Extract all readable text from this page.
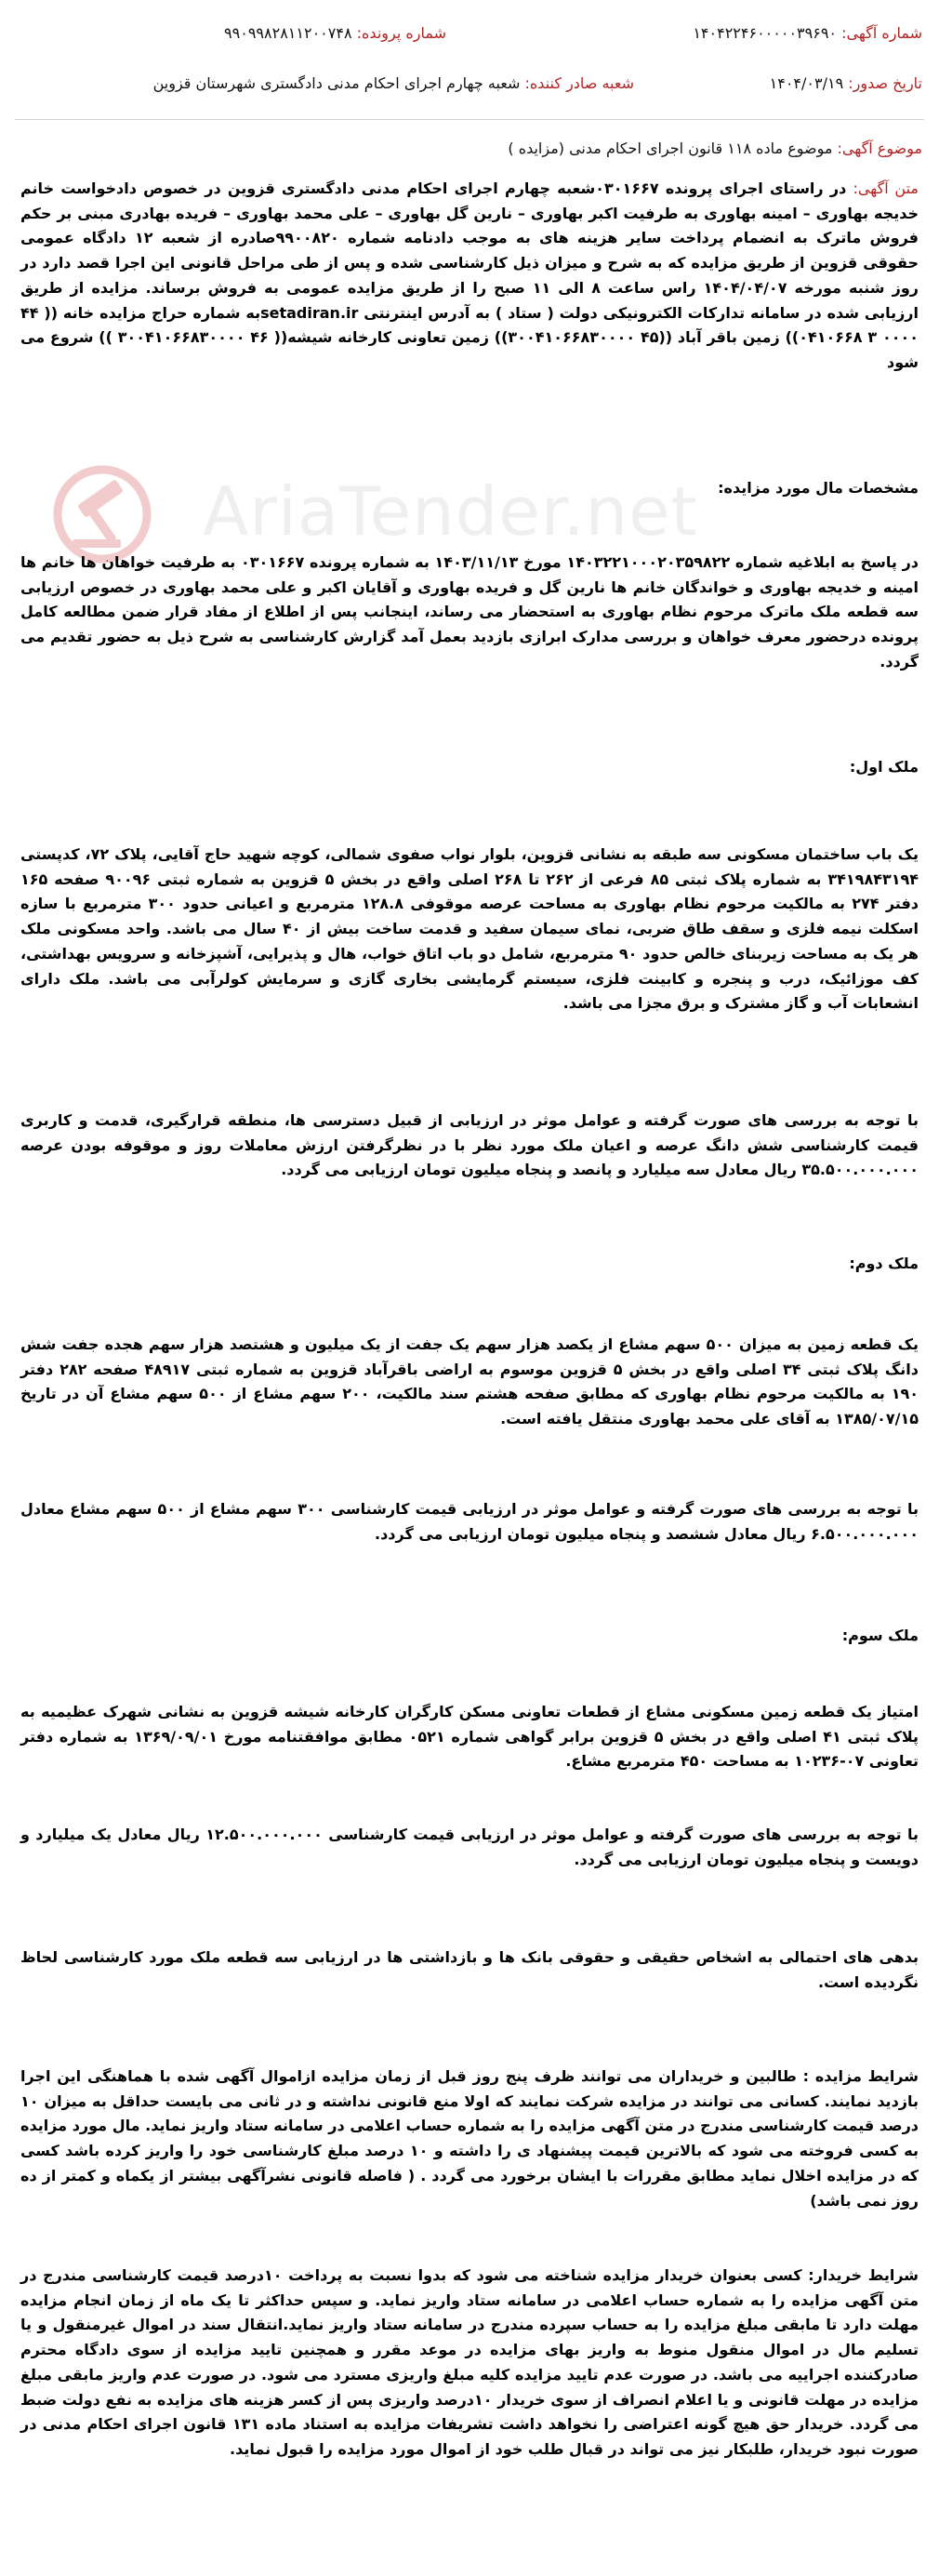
شماره آگهی: ۱۴۰۴۲۲۴۶۰۰۰۰۰۳۹۶۹۰
شماره پرونده: ۹۹۰۹۹۸۲۸۱۱۲۰۰۷۴۸
تاریخ صدور: ۱۴۰۴/۰۳/۱۹
شعبه صادر کننده: شعبه چهارم اجرای احکام مدنی دادگستری شهرستان قزوین
موضوع آگهی: موضوع ماده ۱۱۸ قانون اجرای احکام مدنی (مزایده )
متن آگهی: در راستای اجرای پرونده ۰۳۰۱۶۶۷شعبه چهارم اجرای احکام مدنی دادگستری قزوین در خصوص دادخواست خانم خدیجه بهاوری – امینه بهاوری به طرفیت اکبر بهاوری – نارین گل بهاوری – علی محمد بهاوری – فریده بهادری مبنی بر حکم فروش ماترک به انضمام پرداخت سایر هزینه های به موجب دادنامه شماره ۹۹۰۰۸۲۰صادره از شعبه ۱۲ دادگاه عمومی حقوقی قزوین از طریق مزایده که به شرح و میزان ذیل کارشناسی شده و پس از طی مراحل قانونی این اجرا قصد دارد در روز شنبه مورخه ۱۴۰۴/۰۴/۰۷ راس ساعت ۸ الی ۱۱ صبح را از طریق مزایده عمومی به فروش برساند. مزایده از طریق ارزیابی شده در سامانه تدارکات الکترونیکی دولت ( ستاد ) به آدرس اینترنتی setadiran.irبه شماره حراج مزایده خانه (( ۴۴ ۰۰۰۰ ۳ ۰۴۱۰۶۶۸)) زمین باقر آباد ((۴۵ ۳۰۰۴۱۰۶۶۸۳۰۰۰۰)) زمین تعاونی کارخانه شیشه(( ۴۶ ۳۰۰۴۱۰۶۶۸۳۰۰۰۰ )) شروع می شود
AriaTender.net	مشخصات مال مورد مزایده:
در پاسخ به ابلاغیه شماره ۱۴۰۳۲۲۱۰۰۰۲۰۳۵۹۸۲۲ مورخ ۱۴۰۳/۱۱/۱۳ به شماره پرونده ۰۳۰۱۶۶۷ به طرفیت خواهان ها خانم ها امینه و خدیجه بهاوری و خواندگان خانم ها نارین گل و فریده بهاوری و آقایان اکبر و علی محمد بهاوری در خصوص ارزیابی سه قطعه ملک ماترک مرحوم نظام بهاوری به استحضار می رساند، اینجانب پس از اطلاع از مفاد قرار ضمن مطالعه کامل پرونده درحضور معرف خواهان و بررسی مدارک ابرازی بازدید بعمل آمد گزارش کارشناسی به شرح ذیل به حضور تقدیم می گردد.
ملک اول:
یک باب ساختمان مسکونی سه طبقه به نشانی قزوین، بلوار نواب صفوی شمالی، کوچه شهید حاج آقایی، پلاک ۷۲، کدپستی ۳۴۱۹۸۴۳۱۹۴ به شماره پلاک ثبتی ۸۵ فرعی از ۲۶۲ تا ۲۶۸ اصلی واقع در بخش ۵ قزوین به شماره ثبتی ۹۰۰۹۶ صفحه ۱۶۵ دفتر ۲۷۴ به مالکیت مرحوم نظام بهاوری به مساحت عرصه موقوفی ۱۲۸.۸ مترمربع و اعیانی حدود ۳۰۰ مترمربع با سازه اسکلت نیمه فلزی و سقف طاق ضربی، نمای سیمان سفید و قدمت ساخت بیش از ۴۰ سال می باشد. واحد مسکونی ملک هر یک به مساحت زیربنای خالص حدود ۹۰ مترمربع، شامل دو باب اتاق خواب، هال و پذیرایی، آشپزخانه و سرویس بهداشتی، کف موزائیک، درب و پنجره و کابینت فلزی، سیستم گرمایشی بخاری گازی و سرمایش کولرآبی می باشد. ملک دارای انشعابات آب و گاز مشترک و برق مجزا می باشد.
با توجه به بررسی های صورت گرفته و عوامل موثر در ارزیابی از قبیل دسترسی ها، منطقه قرارگیری، قدمت و کاربری قیمت کارشناسی شش دانگ عرصه و اعیان ملک مورد نظر با در نظرگرفتن ارزش معاملات روز و موقوفه بودن عرصه ۳۵.۵۰۰.۰۰۰.۰۰۰ ریال معادل سه میلیارد و پانصد و پنجاه میلیون تومان ارزیابی می گردد.
ملک دوم:
یک قطعه زمین به میزان ۵۰۰ سهم مشاع از یکصد هزار سهم یک جفت از یک میلیون و هشتصد هزار سهم هجده جفت شش دانگ پلاک ثبتی ۳۴ اصلی واقع در بخش ۵ قزوین موسوم به اراضی باقرآباد قزوین به شماره ثبتی ۴۸۹۱۷ صفحه ۲۸۲ دفتر ۱۹۰ به مالکیت مرحوم نظام بهاوری که مطابق صفحه هشتم سند مالکیت، ۲۰۰ سهم مشاع از ۵۰۰ سهم مشاع آن در تاریخ ۱۳۸۵/۰۷/۱۵ به آقای علی محمد بهاوری منتقل یافته است.
با توجه به بررسی های صورت گرفته و عوامل موثر در ارزیابی قیمت کارشناسی ۳۰۰ سهم مشاع از ۵۰۰ سهم مشاع معادل ۶.۵۰۰.۰۰۰.۰۰۰ ریال معادل ششصد و پنجاه میلیون تومان ارزیابی می گردد.
ملک سوم:
امتیاز یک قطعه زمین مسکونی مشاع از قطعات تعاونی مسکن کارگران کارخانه شیشه قزوین به نشانی شهرک عظیمیه به پلاک ثبتی ۴۱ اصلی واقع در بخش ۵ قزوین برابر گواهی شماره ۰۵۲۱ مطابق موافقتنامه مورخ ۱۳۶۹/۰۹/۰۱ به شماره دفتر تعاونی ۰۷-۱۰۲۳۶ به مساحت ۴۵۰ مترمربع مشاع.
با توجه به بررسی های صورت گرفته و عوامل موثر در ارزیابی قیمت کارشناسی ۱۲.۵۰۰.۰۰۰.۰۰۰ ریال معادل یک میلیارد و دویست و پنجاه میلیون تومان ارزیابی می گردد.
بدهی های احتمالی به اشخاص حقیقی و حقوقی بانک ها و بازداشتی ها در ارزیابی سه قطعه ملک مورد کارشناسی لحاظ نگردیده است.
شرایط مزایده : طالبین و خریداران می توانند ظرف پنج روز قبل از زمان مزایده ازاموال آگهی شده با هماهنگی این اجرا بازدید نمایند. کسانی می توانند در مزایده شرکت نمایند که اولا منع قانونی نداشته و در ثانی می بایست حداقل به میزان ۱۰ درصد قیمت کارشناسی مندرج در متن آگهی مزایده را به شماره حساب اعلامی در سامانه ستاد واریز نماید. مال مورد مزایده به کسی فروخته می شود که بالاترین قیمت پیشنهاد ی را داشته و ۱۰ درصد مبلغ کارشناسی خود را واریز کرده باشد کسی که در مزایده اخلال نماید مطابق مقررات با ایشان برخورد می گردد . ( فاصله قانونی نشرآگهی بیشتر از یکماه و کمتر از ده روز نمی باشد)
شرایط خریدار: کسی بعنوان خریدار مزایده شناخته می شود که بدوا نسبت به پرداخت ۱۰درصد قیمت کارشناسی مندرج در متن آگهی مزایده را به شماره حساب اعلامی در سامانه ستاد واریز نماید. و سپس حداکثر تا یک ماه از زمان انجام مزایده مهلت دارد تا مابقی مبلغ مزایده را به حساب سپرده مندرج در سامانه ستاد واریز نماید.انتقال سند در اموال غیرمنقول و یا تسلیم مال در اموال منقول منوط به واریز بهای مزایده در موعد مقرر و همچنین تایید مزایده از سوی دادگاه محترم صادرکننده اجراییه می باشد. در صورت عدم تایید مزایده کلیه مبلغ واریزی مسترد می شود. در صورت عدم واریز مابقی مبلغ مزایده در مهلت قانونی و یا اعلام انصراف از سوی خریدار ۱۰درصد واریزی پس از کسر هزینه های مزایده به نفع دولت ضبط می گردد. خریدار حق هیچ گونه اعتراضی را نخواهد داشت تشریفات مزایده به استناد ماده ۱۳۱ قانون اجرای احکام مدنی در صورت نبود خریدار، طلبکار نیز می تواند در قبال طلب خود از اموال مورد مزایده را قبول نماید.
